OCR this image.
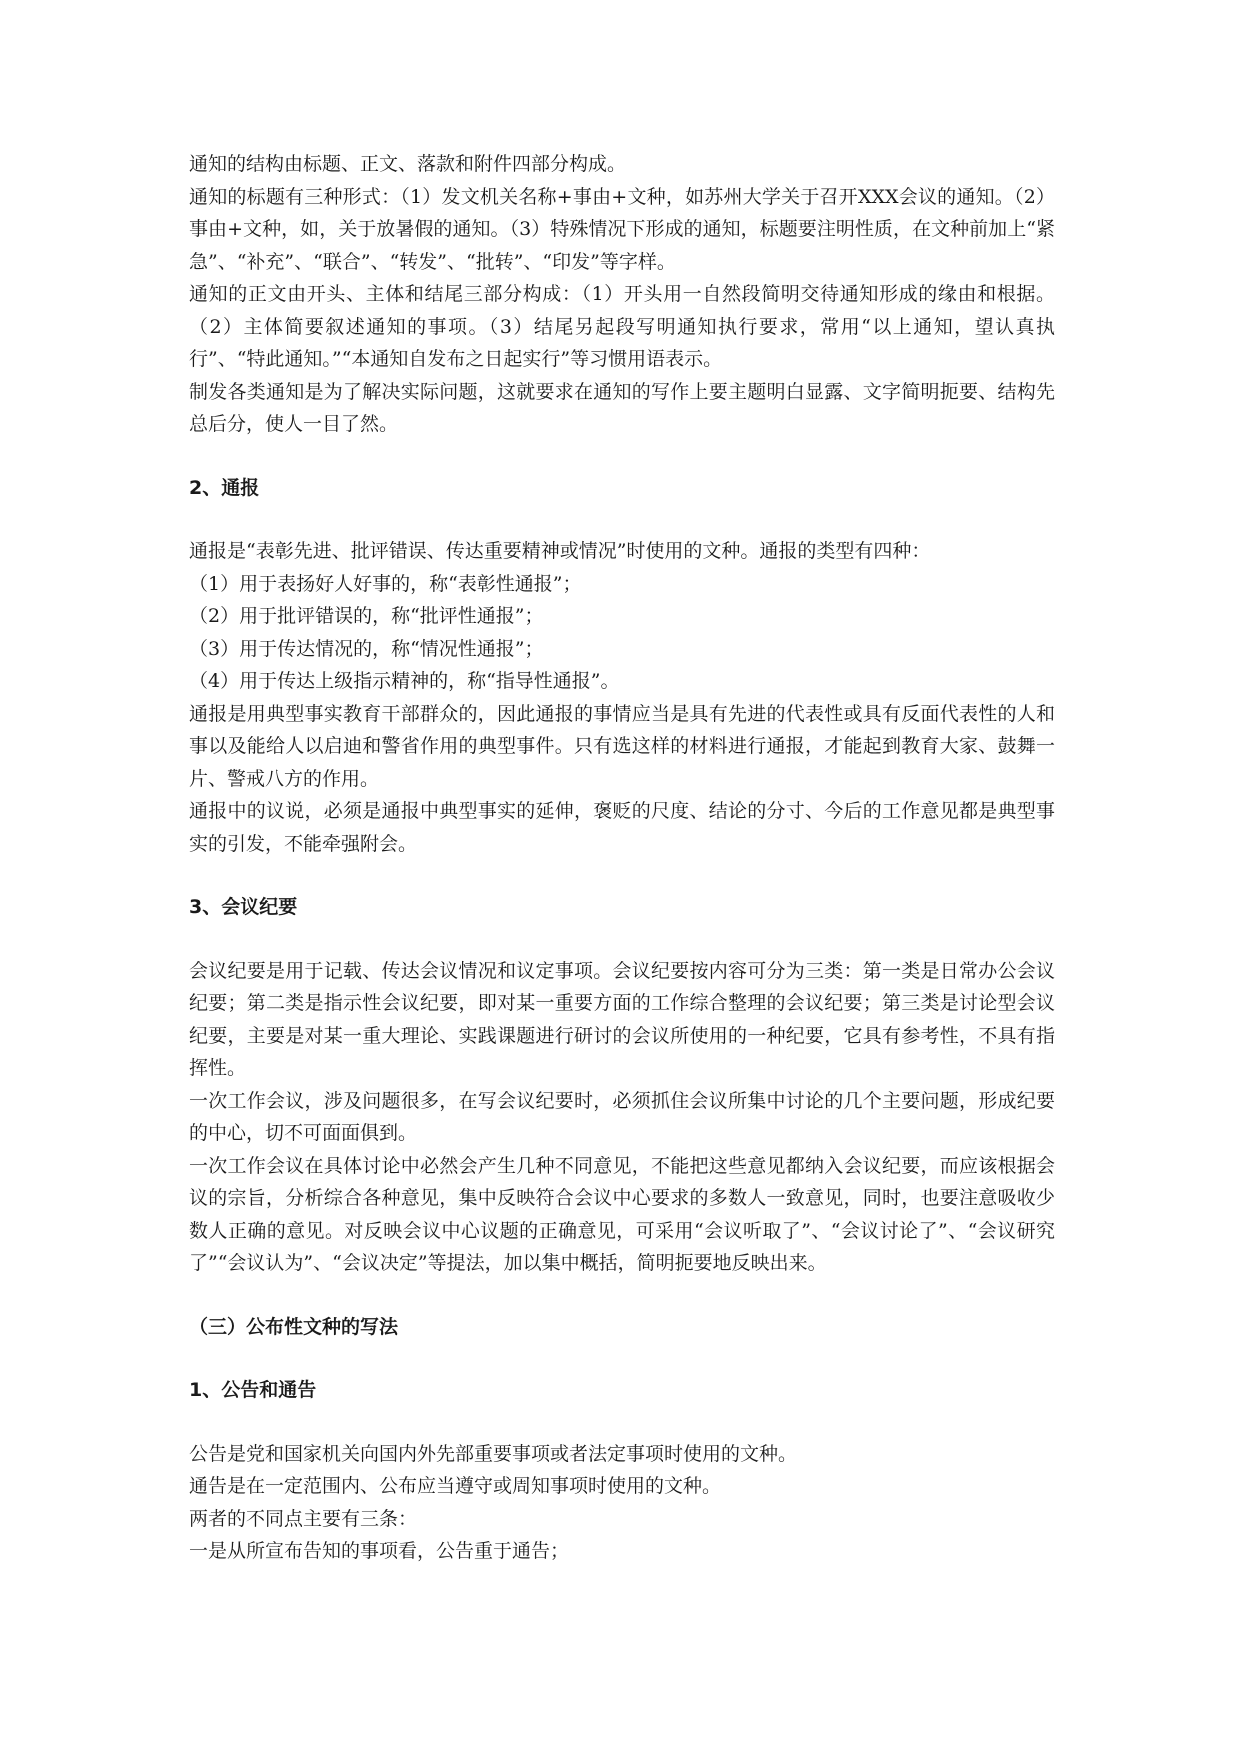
通知的结构由标题、正文、落款和附件四部分构成。

通知的标题有三种形式：（1）发文机关名称+事由+文种，如苏州大学关于召开XXX会议的通知。（2）事由+文种，如，关于放暑假的通知。（3）特殊情况下形成的通知，标题要注明性质，在文种前加上“紧急”、“补充”、“联合”、“转发”、“批转”、“印发”等字样。

通知的正文由开头、主体和结尾三部分构成：（1）开头用一自然段简明交待通知形成的缘由和根据。（2）主体简要叙述通知的事项。（3）结尾另起段写明通知执行要求，常用“以上通知，望认真执行”、“特此通知。”“本通知自发布之日起实行”等习惯用语表示。

制发各类通知是为了解决实际问题，这就要求在通知的写作上要主题明白显露、文字简明扼要、结构先总后分，使人一目了然。

2、通报

通报是“表彰先进、批评错误、传达重要精神或情况”时使用的文种。通报的类型有四种：

（1）用于表扬好人好事的，称“表彰性通报”；

（2）用于批评错误的，称“批评性通报”；

（3）用于传达情况的，称“情况性通报”；

（4）用于传达上级指示精神的，称“指导性通报”。

通报是用典型事实教育干部群众的，因此通报的事情应当是具有先进的代表性或具有反面代表性的人和事以及能给人以启迪和警省作用的典型事件。只有选这样的材料进行通报，才能起到教育大家、鼓舞一片、警戒八方的作用。

通报中的议说，必须是通报中典型事实的延伸，褒贬的尺度、结论的分寸、今后的工作意见都是典型事实的引发，不能牵强附会。

3、会议纪要

会议纪要是用于记载、传达会议情况和议定事项。会议纪要按内容可分为三类：第一类是日常办公会议纪要；第二类是指示性会议纪要，即对某一重要方面的工作综合整理的会议纪要；第三类是讨论型会议纪要，主要是对某一重大理论、实践课题进行研讨的会议所使用的一种纪要，它具有参考性，不具有指挥性。

一次工作会议，涉及问题很多，在写会议纪要时，必须抓住会议所集中讨论的几个主要问题，形成纪要的中心，切不可面面俱到。

一次工作会议在具体讨论中必然会产生几种不同意见，不能把这些意见都纳入会议纪要，而应该根据会议的宗旨，分析综合各种意见，集中反映符合会议中心要求的多数人一致意见，同时，也要注意吸收少数人正确的意见。对反映会议中心议题的正确意见，可采用“会议听取了”、“会议讨论了”、“会议研究了”“会议认为”、“会议决定”等提法，加以集中概括，简明扼要地反映出来。

（三）公布性文种的写法

1、公告和通告

公告是党和国家机关向国内外先部重要事项或者法定事项时使用的文种。

通告是在一定范围内、公布应当遵守或周知事项时使用的文种。

两者的不同点主要有三条：

一是从所宣布告知的事项看，公告重于通告；
